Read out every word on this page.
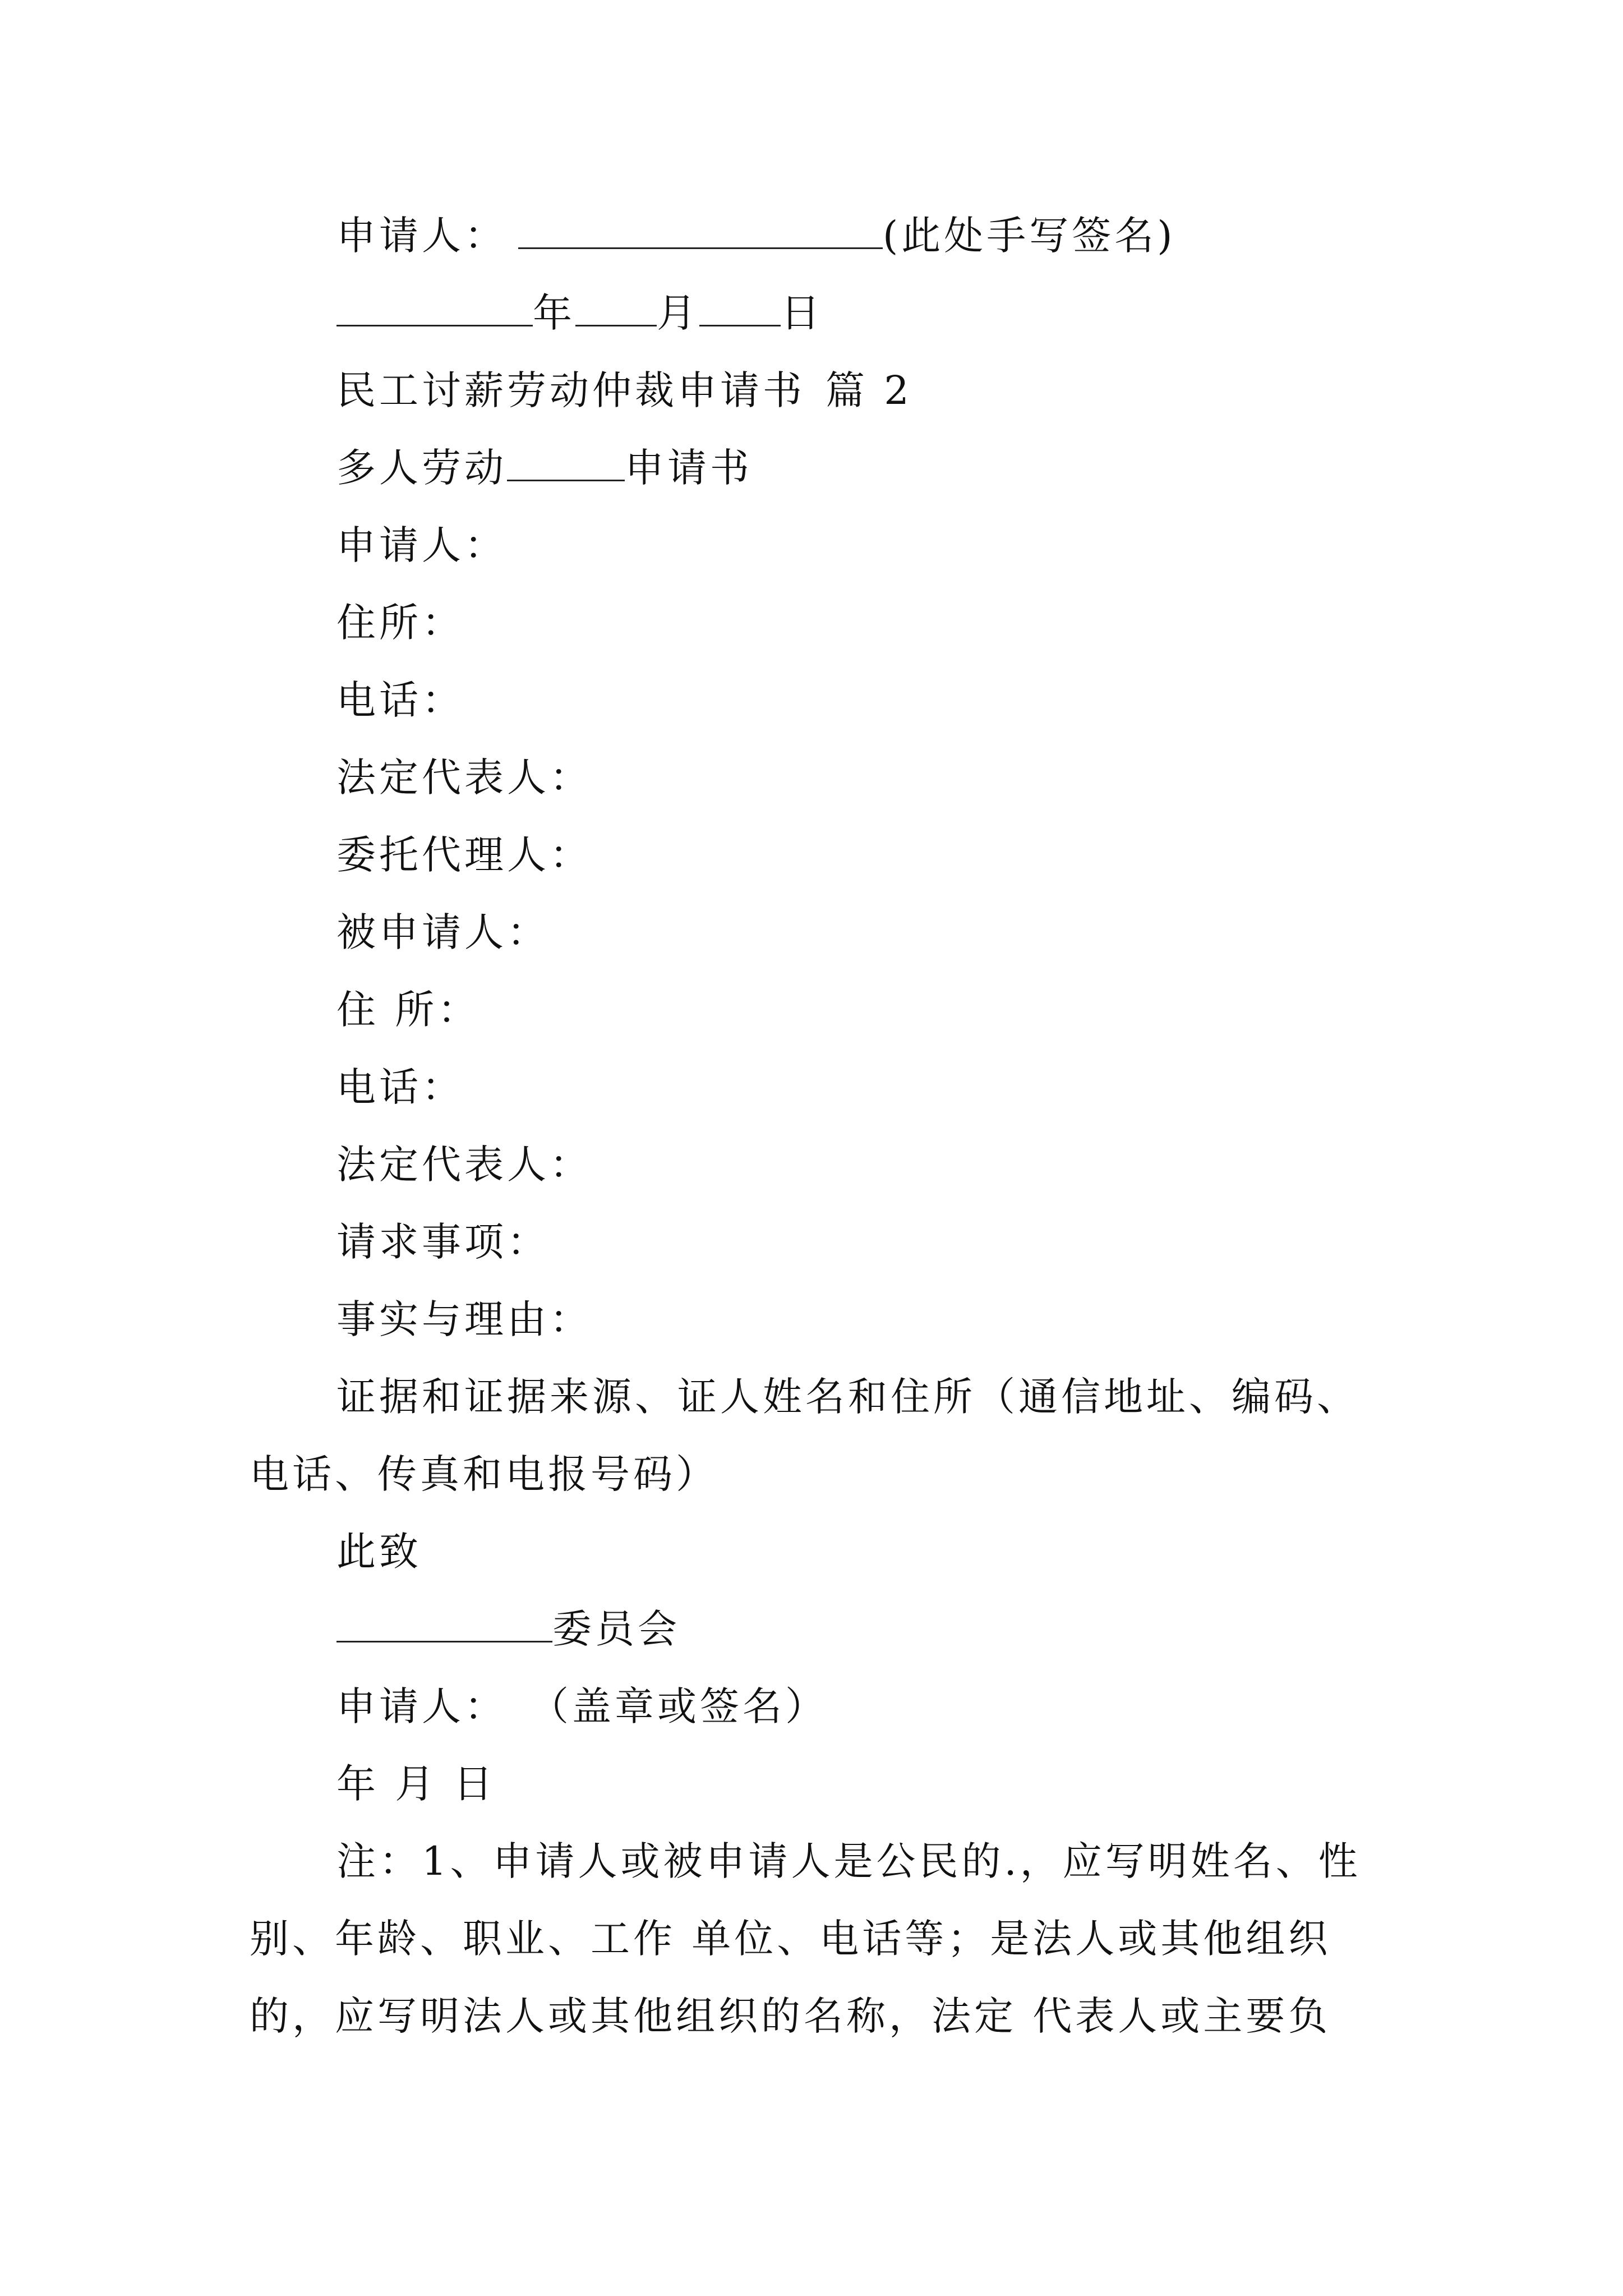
申请人：	(此处手写签名)
年 月 日
民工讨薪劳动仲裁申请书 篇 2
多人劳动	申请书
申请人：
住所：
电话：
法定代表人：
委托代理人：
被申请人：
住 所：
电话：
法定代表人：
请求事项：
事实与理由：
证据和证据来源、证人姓名和住所（通信地址、编码、
电话、传真和电报号码）
此致
委员会
申请人： （盖章或签名）
年 月 日
注：1、申请人或被申请人是公民的.，应写明姓名、性
别、年龄、职业、工作 单位、电话等；是法人或其他组织
的，应写明法人或其他组织的名称，法定 代表人或主要负
